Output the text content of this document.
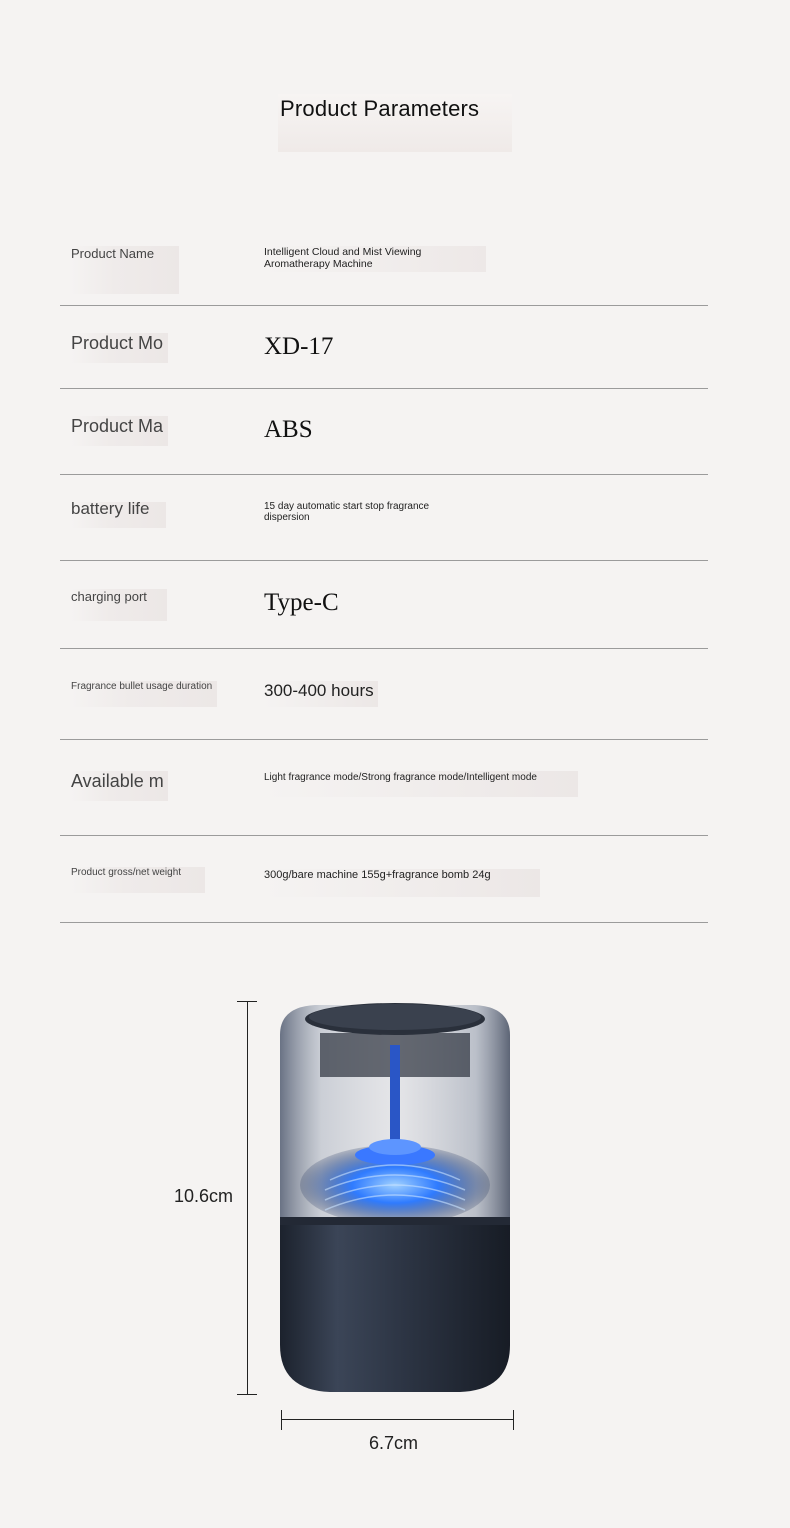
Product Parameters
Product Name	Intelligent Cloud and Mist Viewing Aromatherapy Machine
Product Mo	XD-17
Product Ma	ABS
battery life	15 day automatic start stop fragrance dispersion
charging port	Type-C
Fragrance bullet usage duration	300-400 hours
Available m	Light fragrance mode/Strong fragrance mode/Intelligent mode
Product gross/net weight	300g/bare machine 155g+fragrance bomb 24g
10.6cm
6.7cm
